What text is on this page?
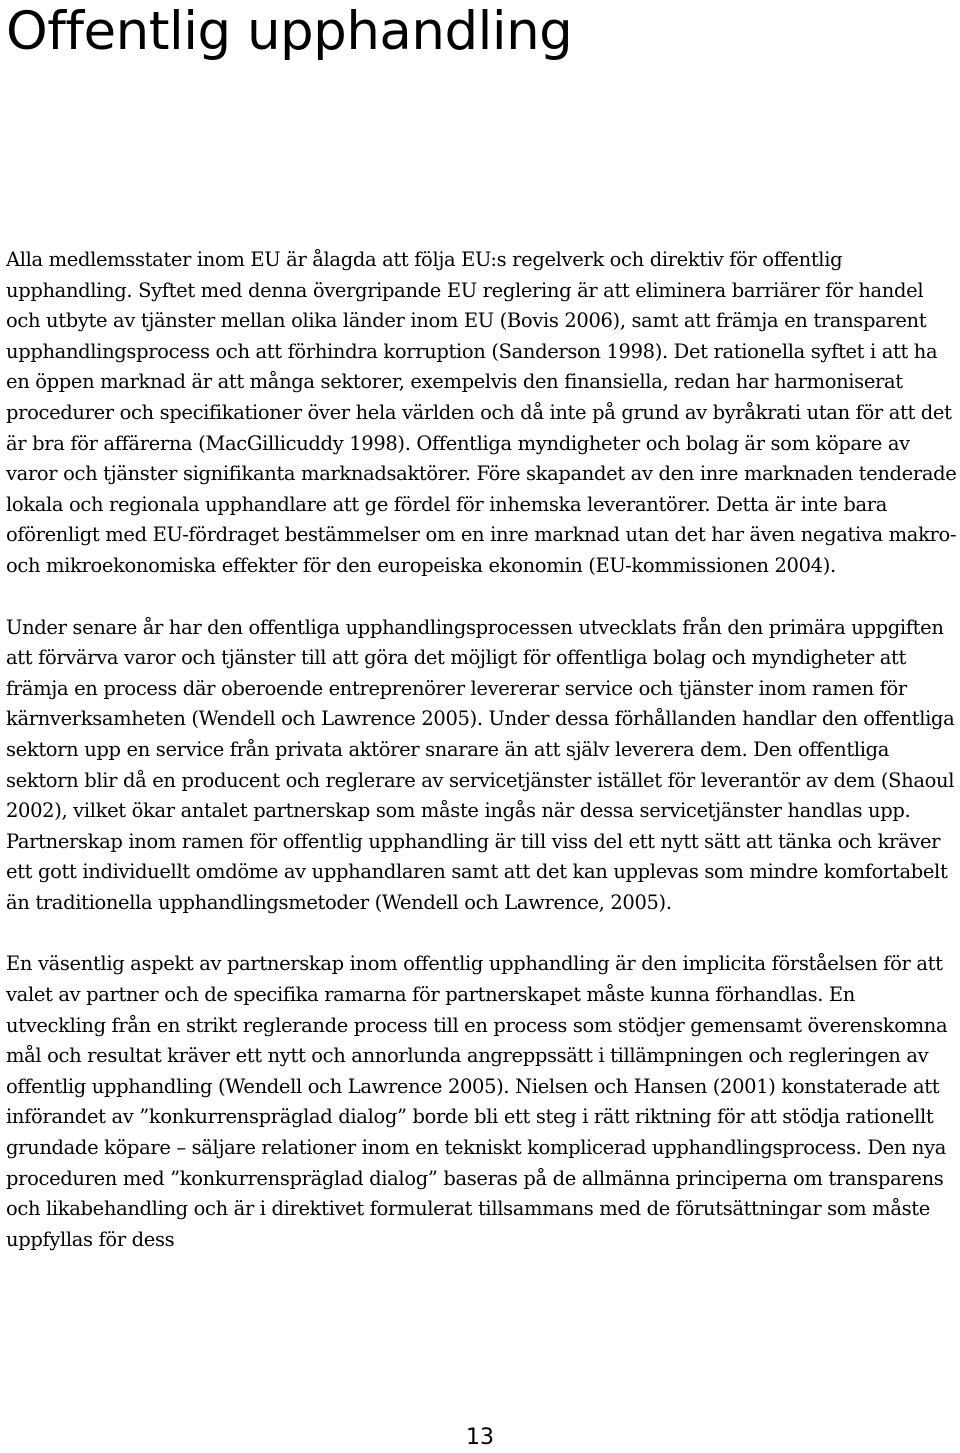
Offentlig upphandling

Alla medlemsstater inom EU är ålagda att följa EU:s regelverk och direktiv för offentlig upphandling. Syftet med denna övergripande EU reglering är att eliminera barriärer för handel och utbyte av tjänster mellan olika länder inom EU (Bovis 2006), samt att främja en transparent upphandlingsprocess och att förhindra korruption (Sanderson 1998). Det rationella syftet i att ha en öppen marknad är att många sektorer, exempelvis den finansiella, redan har harmoniserat procedurer och specifikationer över hela världen och då inte på grund av byråkrati utan för att det är bra för affärerna (MacGillicuddy 1998). Offentliga myndigheter och bolag är som köpare av varor och tjänster signifikanta marknadsaktörer. Före skapandet av den inre marknaden tenderade lokala och regionala upphandlare att ge fördel för inhemska leverantörer. Detta är inte bara oförenligt med EU-fördraget bestämmelser om en inre marknad utan det har även negativa makro- och mikroekonomiska effekter för den europeiska ekonomin (EU-kommissionen 2004).

Under senare år har den offentliga upphandlingsprocessen utvecklats från den primära uppgiften att förvärva varor och tjänster till att göra det möjligt för offentliga bolag och myndigheter att främja en process där oberoende entreprenörer levererar service och tjänster inom ramen för kärnverksamheten (Wendell och Lawrence 2005). Under dessa förhållanden handlar den offentliga sektorn upp en service från privata aktörer snarare än att själv leverera dem. Den offentliga sektorn blir då en producent och reglerare av servicetjänster istället för leverantör av dem (Shaoul 2002), vilket ökar antalet partnerskap som måste ingås när dessa servicetjänster handlas upp. Partnerskap inom ramen för offentlig upphandling är till viss del ett nytt sätt att tänka och kräver ett gott individuellt omdöme av upphandlaren samt att det kan upplevas som mindre komfortabelt än traditionella upphandlingsmetoder (Wendell och Lawrence, 2005).

En väsentlig aspekt av partnerskap inom offentlig upphandling är den implicita förståelsen för att valet av partner och de specifika ramarna för partnerskapet måste kunna förhandlas. En utveckling från en strikt reglerande process till en process som stödjer gemensamt överenskomna mål och resultat kräver ett nytt och annorlunda angreppssätt i tillämpningen och regleringen av offentlig upphandling (Wendell och Lawrence 2005). Nielsen och Hansen (2001) konstaterade att införandet av ”konkurrenspräglad dialog” borde bli ett steg i rätt riktning för att stödja rationellt grundade köpare – säljare relationer inom en tekniskt komplicerad upphandlingsprocess. Den nya proceduren med ”konkurrenspräglad dialog” baseras på de allmänna principerna om transparens och likabehandling och är i direktivet formulerat tillsammans med de förutsättningar som måste uppfyllas för dess

13
